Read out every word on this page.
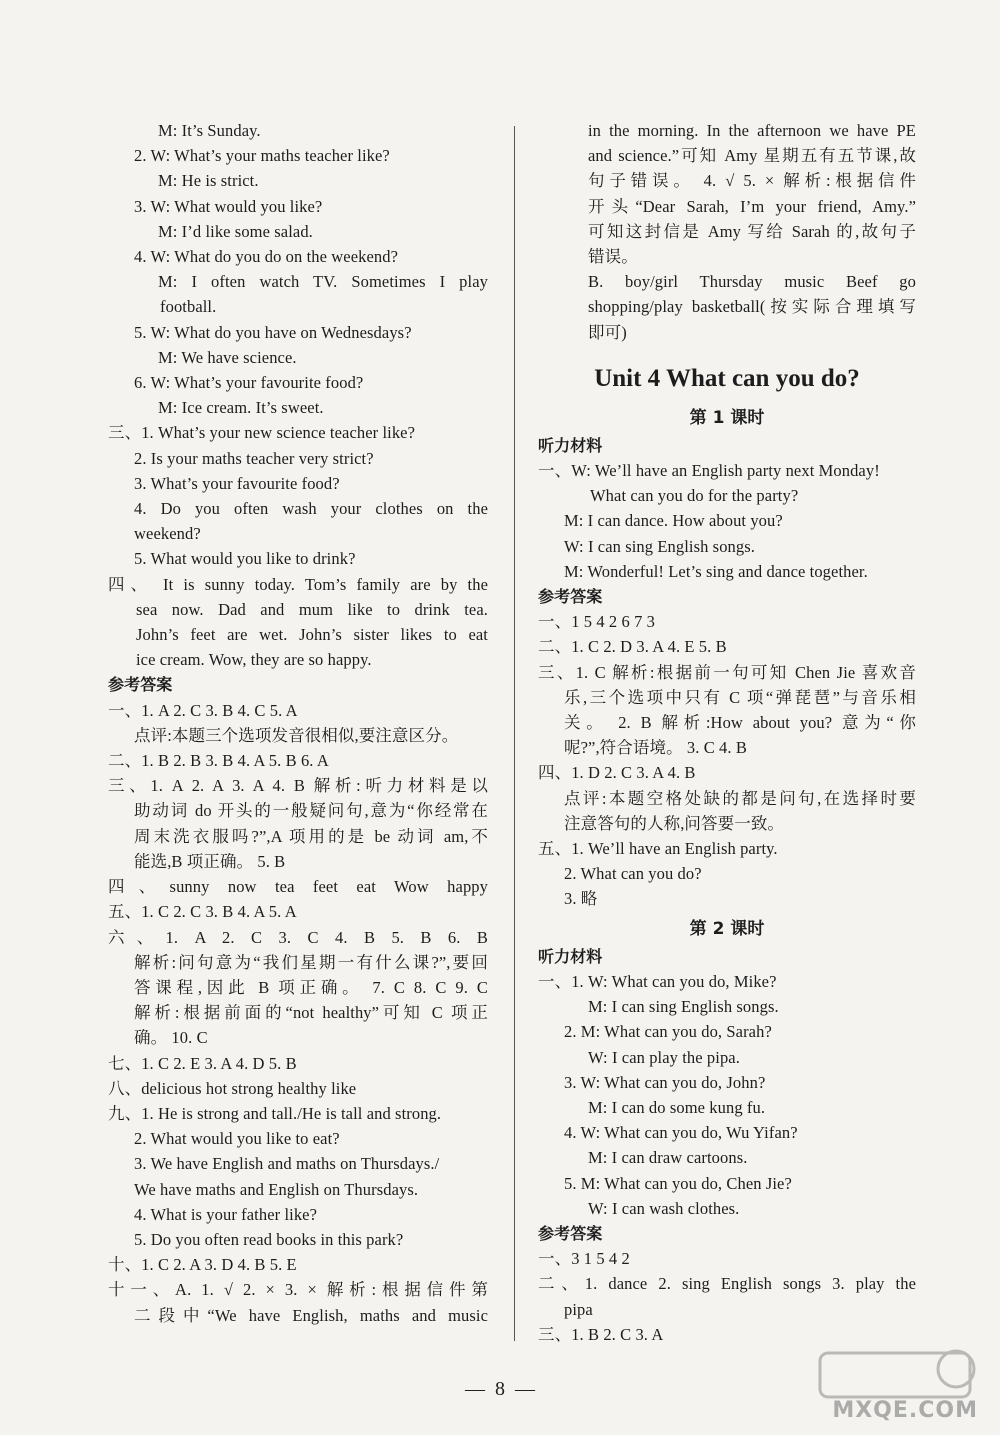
M: It’s Sunday.
2. W: What’s your maths teacher like?
M: He is strict.
3. W: What would you like?
M: I’d like some salad.
4. W: What do you do on the weekend?
M: I often watch TV. Sometimes I play
football.
5. W: What do you have on Wednesdays?
M: We have science.
6. W: What’s your favourite food?
M: Ice cream. It’s sweet.
三、1. What’s your new science teacher like?
2. Is your maths teacher very strict?
3. What’s your favourite food?
4. Do you often wash your clothes on the
weekend?
5. What would you like to drink?
四、 It is sunny today. Tom’s family are by the
sea now. Dad and mum like to drink tea.
John’s feet are wet. John’s sister likes to eat
ice cream. Wow, they are so happy.
参考答案
一、1. A 2. C 3. B 4. C 5. A
点评:本题三个选项发音很相似,要注意区分。
二、1. B 2. B 3. B 4. A 5. B 6. A
三、1. A 2. A 3. A 4. B 解析:听力材料是以
助动词 do 开头的一般疑问句,意为“你经常在
周末洗衣服吗?”,A 项用的是 be 动词 am,不
能选,B 项正确。 5. B
四、sunny now tea feet eat Wow happy
五、1. C 2. C 3. B 4. A 5. A
六、1. A 2. C 3. C 4. B 5. B 6. B
解析:问句意为“我们星期一有什么课?”,要回
答课程,因此 B 项正确。 7. C 8. C 9. C
解析:根据前面的“not healthy”可知 C 项正
确。 10. C
七、1. C 2. E 3. A 4. D 5. B
八、delicious hot strong healthy like
九、1. He is strong and tall./He is tall and strong.
2. What would you like to eat?
3. We have English and maths on Thursdays./
We have maths and English on Thursdays.
4. What is your father like?
5. Do you often read books in this park?
十、1. C 2. A 3. D 4. B 5. E
十一、A. 1. √ 2. × 3. × 解析:根据信件第
二段中“We have English, maths and music
in the morning. In the afternoon we have PE
and science.”可知 Amy 星期五有五节课,故
句子错误。 4. √ 5. × 解析:根据信件
开头“Dear Sarah, I’m your friend, Amy.”
可知这封信是 Amy 写给 Sarah 的,故句子
错误。
B. boy/girl Thursday music Beef go
shopping/play basketball(按实际合理填写
即可)
Unit 4 What can you do?
第 1 课时
听力材料
一、W: We’ll have an English party next Monday!
What can you do for the party?
M: I can dance. How about you?
W: I can sing English songs.
M: Wonderful! Let’s sing and dance together.
参考答案
一、1 5 4 2 6 7 3
二、1. C 2. D 3. A 4. E 5. B
三、1. C 解析:根据前一句可知 Chen Jie 喜欢音
乐,三个选项中只有 C 项“弹琵琶”与音乐相
关。 2. B 解析:How about you? 意为“你
呢?”,符合语境。 3. C 4. B
四、1. D 2. C 3. A 4. B
点评:本题空格处缺的都是问句,在选择时要
注意答句的人称,问答要一致。
五、1. We’ll have an English party.
2. What can you do?
3. 略
第 2 课时
听力材料
一、1. W: What can you do, Mike?
M: I can sing English songs.
2. M: What can you do, Sarah?
W: I can play the pipa.
3. W: What can you do, John?
M: I can do some kung fu.
4. W: What can you do, Wu Yifan?
M: I can draw cartoons.
5. M: What can you do, Chen Jie?
W: I can wash clothes.
参考答案
一、3 1 5 4 2
二、1. dance 2. sing English songs 3. play the
pipa
三、1. B 2. C 3. A
—  8  —
MXQE.COM
